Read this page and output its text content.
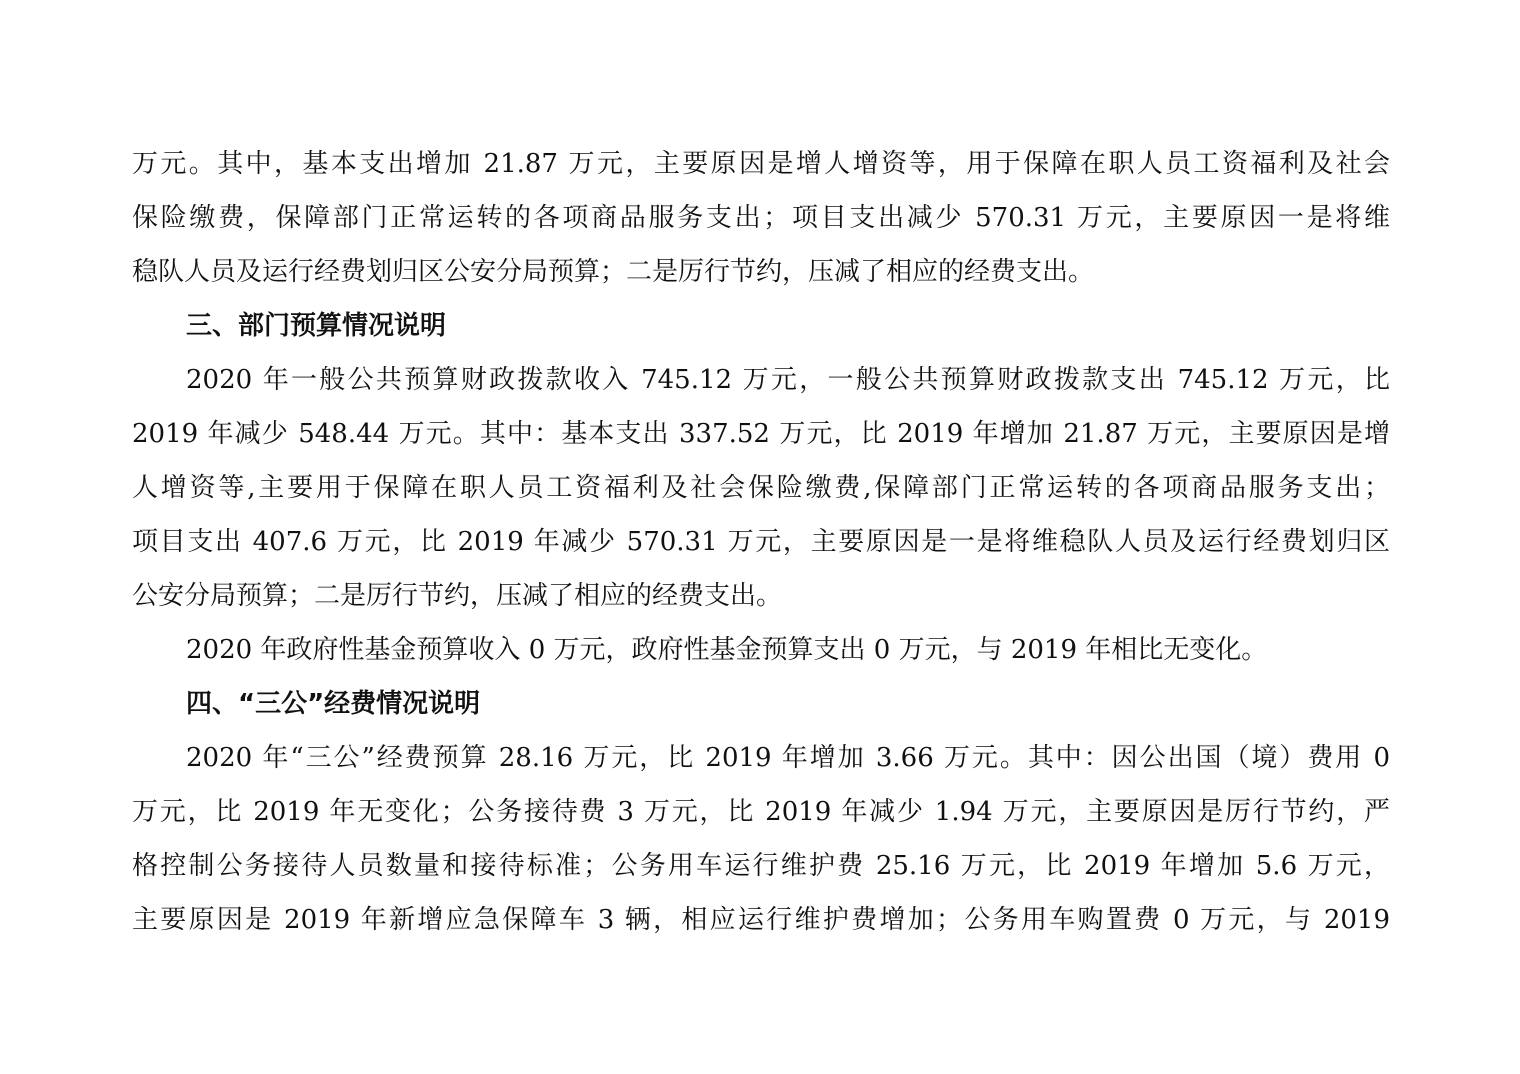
万元。其中，基本支出增加 21.87 万元，主要原因是增人增资等，用于保障在职人员工资福利及社会
保险缴费，保障部门正常运转的各项商品服务支出；项目支出减少 570.31 万元，主要原因一是将维
稳队人员及运行经费划归区公安分局预算；二是厉行节约，压减了相应的经费支出。
三、部门预算情况说明
2020 年一般公共预算财政拨款收入 745.12 万元，一般公共预算财政拨款支出 745.12 万元，比
2019 年减少 548.44 万元。其中：基本支出 337.52 万元，比 2019 年增加 21.87 万元，主要原因是增
人增资等,主要用于保障在职人员工资福利及社会保险缴费,保障部门正常运转的各项商品服务支出；
项目支出 407.6 万元，比 2019 年减少 570.31 万元，主要原因是一是将维稳队人员及运行经费划归区
公安分局预算；二是厉行节约，压减了相应的经费支出。
2020 年政府性基金预算收入 0 万元，政府性基金预算支出 0 万元，与 2019 年相比无变化。
四、“三公”经费情况说明
2020 年“三公”经费预算 28.16 万元，比 2019 年增加 3.66 万元。其中：因公出国（境）费用 0
万元，比 2019 年无变化；公务接待费 3 万元，比 2019 年减少 1.94 万元，主要原因是厉行节约，严
格控制公务接待人员数量和接待标准；公务用车运行维护费 25.16 万元，比 2019 年增加 5.6 万元，
主要原因是 2019 年新增应急保障车 3 辆，相应运行维护费增加；公务用车购置费 0 万元，与 2019
